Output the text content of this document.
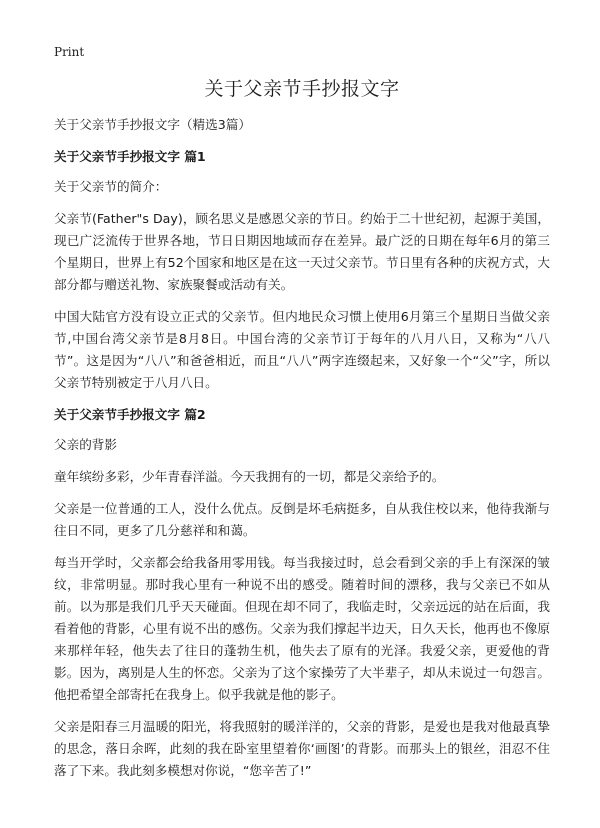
Print
关于父亲节手抄报文字
关于父亲节手抄报文字（精选3篇）
关于父亲节手抄报文字 篇1

关于父亲节的简介：

父亲节(Father"s Day)，顾名思义是感恩父亲的节日。约始于二十世纪初，起源于美国，现已广泛流传于世界各地，节日日期因地域而存在差异。最广泛的日期在每年6月的第三个星期日，世界上有52个国家和地区是在这一天过父亲节。节日里有各种的庆祝方式，大部分都与赠送礼物、家族聚餐或活动有关。

中国大陆官方没有设立正式的父亲节。但内地民众习惯上使用6月第三个星期日当做父亲节,中国台湾父亲节是8月8日。中国台湾的父亲节订于每年的八月八日，又称为“八八节”。这是因为“八八”和爸爸相近，而且“八八”两字连缀起来，又好象一个“父”字，所以父亲节特别被定于八月八日。

关于父亲节手抄报文字 篇2

父亲的背影

童年缤纷多彩，少年青春洋溢。今天我拥有的一切，都是父亲给予的。

父亲是一位普通的工人，没什么优点。反倒是坏毛病挺多，自从我住校以来，他待我渐与往日不同，更多了几分慈祥和和蔼。

每当开学时，父亲都会给我备用零用钱。每当我接过时，总会看到父亲的手上有深深的皱纹，非常明显。那时我心里有一种说不出的感受。随着时间的漂移，我与父亲已不如从前。以为那是我们几乎天天碰面。但现在却不同了，我临走时，父亲远远的站在后面，我看着他的背影，心里有说不出的感伤。父亲为我们撑起半边天，日久天长，他再也不像原来那样年轻，他失去了往日的蓬勃生机，他失去了原有的光泽。我爱父亲，更爱他的背影。因为，离别是人生的怀恋。父亲为了这个家操劳了大半辈子，却从未说过一句怨言。他把希望全部寄托在我身上。似乎我就是他的影子。

父亲是阳春三月温暖的阳光，将我照射的暖洋洋的，父亲的背影，是爱也是我对他最真挚的思念，落日余晖，此刻的我在卧室里望着你‘画图’的背影。而那头上的银丝，泪忍不住落了下来。我此刻多模想对你说，“您辛苦了!”
